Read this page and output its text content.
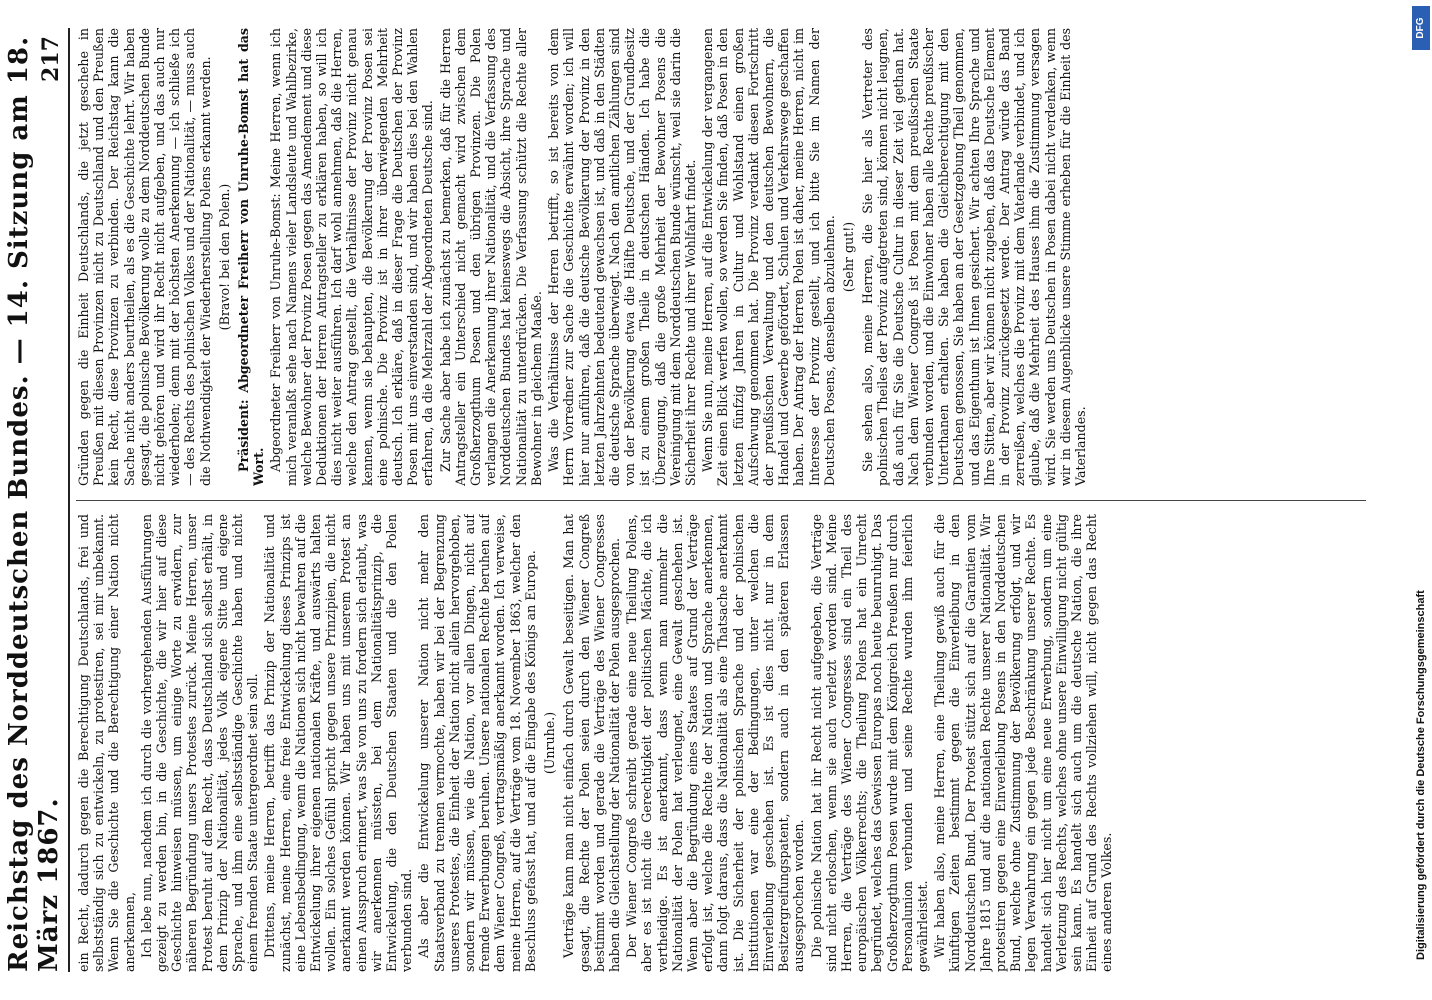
Reichstag des Norddeutschen Bundes. — 14. Sitzung am 18. März 1867.
217

ein Recht, dadurch gegen die Berechtigung Deutschlands, frei und selbstständig sich zu entwickeln, zu protestiren, sei mir unbekannt. Wenn Sie die Geschichte und die Berechtigung einer Nation nicht anerkennen, Ich lebe nun, nachdem ich durch die vorhergehenden Ausführungen gezeigt zu werden bin, in die Geschichte, die wir hier auf diese Geschichte hinweisen müssen, um einige Worte zu erwidern, zur näheren Begründung unsers Protestes zurück. Meine Herren, unser Protest beruht auf dem Recht, dass Deutschland sich selbst erhält, in dem Prinzip der Nationalität, jedes Volk eigene Sitte und eigene Sprache, und ihm eine selbstständige Geschichte haben und nicht einem fremden Staate untergeordnet sein soll. Drittens, meine Herren, betrifft das Prinzip der Nationalität und zunächst, meine Herren, eine freie Entwickelung dieses Prinzips ist eine Lebensbedingung, wenn die Nationen sich nicht bewahren auf die Entwickelung ihrer eigenen nationalen Kräfte, und auswärts halten wollen. Ein solches Gefühl spricht gegen unsere Prinzipien, die nicht anerkannt werden können. Wir haben uns mit unserem Protest an einen Ausspruch erinnert, was Sie von uns zu fordern sich erlaubt, was wir anerkennen müssten, bei dem Nationalitätsprinzip, die Entwickelung, die den Deutschen Staaten und die den Polen verbunden sind. Als aber die Entwickelung unserer Nation nicht mehr den Staatsverband zu trennen vermochte, haben wir bei der Begrenzung unseres Protestes, die Einheit der Nation nicht allein hervorgehoben, sondern wir müssen, wie die Nation, vor allen Dingen, nicht auf fremde Erwerbungen beruhen. Unsere nationalen Rechte beruhen auf dem Wiener Congreß, vertragsmäßig anerkannt worden. Ich verweise, meine Herren, auf die Verträge vom 18. November 1863, welcher den Beschluss gefasst hat, und auf die Eingabe des Königs an Europa. (Unruhe.) Verträge kann man nicht einfach durch Gewalt beseitigen. Man hat gesagt, die Rechte der Polen seien durch den Wiener Congreß bestimmt worden und gerade die Verträge des Wiener Congresses haben die Gleichstellung der Nationalität der Polen ausgesprochen. Der Wiener Congreß schreibt gerade eine neue Theilung Polens, aber es ist nicht die Gerechtigkeit der politischen Mächte, die ich vertheidige. Es ist anerkannt, dass wenn man nunmehr die Nationalität der Polen hat verleugnet, eine Gewalt geschehen ist. Wenn aber die Begründung eines Staates auf Grund der Verträge erfolgt ist, welche die Rechte der Nation und Sprache anerkennen, dann folgt daraus, dass die Nationalität als eine Thatsache anerkannt ist. Die Sicherheit der polnischen Sprache und der polnischen Institutionen war eine der Bedingungen, unter welchen die Einverleibung geschehen ist. Es ist dies nicht nur in dem Besitzergreifungspatent, sondern auch in den späteren Erlassen ausgesprochen worden. Die polnische Nation hat ihr Recht nicht aufgegeben, die Verträge sind nicht erloschen, wenn sie auch verletzt worden sind. Meine Herren, die Verträge des Wiener Congresses sind ein Theil des europäischen Völkerrechts; die Theilung Polens hat ein Unrecht begründet, welches das Gewissen Europas noch heute beunruhigt. Das Großherzogthum Posen wurde mit dem Königreich Preußen nur durch Personalunion verbunden und seine Rechte wurden ihm feierlich gewährleistet. Wir haben also, meine Herren, eine Theilung gewiß auch für die künftigen Zeiten bestimmt gegen die Einverleibung in den Norddeutschen Bund. Der Protest stützt sich auf die Garantien vom Jahre 1815 und auf die nationalen Rechte unserer Nationalität. Wir protestiren gegen eine Einverleibung Posens in den Norddeutschen Bund, welche ohne Zustimmung der Bevölkerung erfolgt, und wir legen Verwahrung ein gegen jede Beschränkung unserer Rechte. Es handelt sich hier nicht um eine neue Erwerbung, sondern um eine Verletzung des Rechts, welches ohne unsere Einwilligung nicht gültig sein kann. Es handelt sich auch um die deutsche Nation, die ihre Einheit auf Grund des Rechts vollziehen will, nicht gegen das Recht eines anderen Volkes.

Gründen gegen die Einheit Deutschlands, die jetzt geschehe in Preußen mit diesen Provinzen nicht zu Deutschland und den Preußen kein Recht, diese Provinzen zu verbinden. Der Reichstag kann die Sache nicht anders beurtheilen, als es die Geschichte lehrt. Wir haben gesagt, die polnische Bevölkerung wolle zu dem Norddeutschen Bunde nicht gehören und wird ihr Recht nicht aufgeben, und das auch nur wiederholen; denn mit der höchsten Anerkennung — ich schließe ich — des Rechts des polnischen Volkes und der Nationalität, — muss auch die Nothwendigkeit der Wiederherstellung Polens erkannt werden. (Bravo! bei den Polen.) Präsident: Abgeordneter Freiherr von Unruhe-Bomst hat das Wort. Abgeordneter Freiherr von Unruhe-Bomst: Meine Herren, wenn ich mich veranlaßt sehe nach Namens vieler Landsleute und Wahlbezirke, welche Bewohner der Provinz Posen gegen das Amendement und diese Deduktionen der Herren Antragsteller zu erklären haben, so will ich dies nicht weiter ausführen. Ich darf wohl annehmen, daß die Herren, welche den Antrag gestellt, die Verhältnisse der Provinz nicht genau kennen, wenn sie behaupten, die Bevölkerung der Provinz Posen sei eine polnische. Die Provinz ist in ihrer überwiegenden Mehrheit deutsch. Ich erkläre, daß in dieser Frage die Deutschen der Provinz Posen mit uns einverstanden sind, und wir haben dies bei den Wahlen erfahren, da die Mehrzahl der Abgeordneten Deutsche sind. Zur Sache aber habe ich zunächst zu bemerken, daß für die Herren Antragsteller ein Unterschied nicht gemacht wird zwischen dem Großherzogthum Posen und den übrigen Provinzen. Die Polen verlangen die Anerkennung ihrer Nationalität, und die Verfassung des Norddeutschen Bundes hat keineswegs die Absicht, ihre Sprache und Nationalität zu unterdrücken. Die Verfassung schützt die Rechte aller Bewohner in gleichem Maaße. Was die Verhältnisse der Herren betrifft, so ist bereits von dem Herrn Vorredner zur Sache die Geschichte erwähnt worden; ich will hier nur anführen, daß die deutsche Bevölkerung der Provinz in den letzten Jahrzehnten bedeutend gewachsen ist, und daß in den Städten die deutsche Sprache überwiegt. Nach den amtlichen Zählungen sind von der Bevölkerung etwa die Hälfte Deutsche, und der Grundbesitz ist zu einem großen Theile in deutschen Händen. Ich habe die Überzeugung, daß die große Mehrheit der Bewohner Posens die Vereinigung mit dem Norddeutschen Bunde wünscht, weil sie darin die Sicherheit ihrer Rechte und ihrer Wohlfahrt findet. Wenn Sie nun, meine Herren, auf die Entwickelung der vergangenen Zeit einen Blick werfen wollen, so werden Sie finden, daß Posen in den letzten fünfzig Jahren in Cultur und Wohlstand einen großen Aufschwung genommen hat. Die Provinz verdankt diesen Fortschritt der preußischen Verwaltung und den deutschen Bewohnern, die Handel und Gewerbe gefördert, Schulen und Verkehrswege geschaffen haben. Der Antrag der Herren Polen ist daher, meine Herren, nicht im Interesse der Provinz gestellt, und ich bitte Sie im Namen der Deutschen Posens, denselben abzulehnen. (Sehr gut!) Sie sehen also, meine Herren, die Sie hier als Vertreter des polnischen Theiles der Provinz aufgetreten sind, können nicht leugnen, daß auch für Sie die Deutsche Cultur in dieser Zeit viel gethan hat. Nach dem Wiener Congreß ist Posen mit dem preußischen Staate verbunden worden, und die Einwohner haben alle Rechte preußischer Unterthanen erhalten. Sie haben die Gleichberechtigung mit den Deutschen genossen, Sie haben an der Gesetzgebung Theil genommen, und das Eigenthum ist Ihnen gesichert. Wir achten Ihre Sprache und Ihre Sitten, aber wir können nicht zugeben, daß das Deutsche Element in der Provinz zurückgesetzt werde. Der Antrag würde das Band zerreißen, welches die Provinz mit dem Vaterlande verbindet, und ich glaube, daß die Mehrheit des Hauses ihm die Zustimmung versagen wird. Sie werden uns Deutschen in Posen dabei nicht verdenken, wenn wir in diesem Augenblicke unsere Stimme erheben für die Einheit des Vaterlandes.

Digitalisierung gefördert durch die Deutsche Forschungsgemeinschaft
DFG
